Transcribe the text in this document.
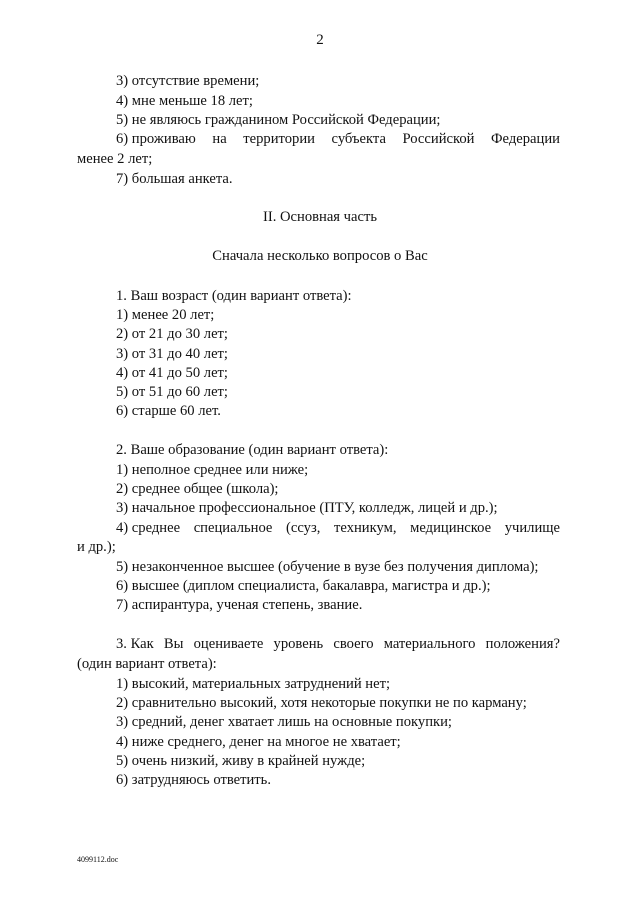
2
3) отсутствие времени;
4) мне меньше 18 лет;
5) не являюсь гражданином Российской Федерации;
6) проживаю на территории субъекта Российской Федерации
менее 2 лет;
7) большая анкета.
II. Основная часть
Сначала несколько вопросов о Вас
1. Ваш возраст (один вариант ответа):
1) менее 20 лет;
2) от 21 до 30 лет;
3) от 31 до 40 лет;
4) от 41 до 50 лет;
5) от 51 до 60 лет;
6) старше 60 лет.
2. Ваше образование (один вариант ответа):
1) неполное среднее или ниже;
2) среднее общее (школа);
3) начальное профессиональное (ПТУ, колледж, лицей и др.);
4) среднее специальное (ссуз, техникум, медицинское училище
и др.);
5) незаконченное высшее (обучение в вузе без получения диплома);
6) высшее (диплом специалиста, бакалавра, магистра и др.);
7) аспирантура, ученая степень, звание.
3. Как Вы оцениваете уровень своего материального положения?
(один вариант ответа):
1) высокий, материальных затруднений нет;
2) сравнительно высокий, хотя некоторые покупки не по карману;
3) средний, денег хватает лишь на основные покупки;
4) ниже среднего, денег на многое не хватает;
5) очень низкий, живу в крайней нужде;
6) затрудняюсь ответить.
4099112.doc
